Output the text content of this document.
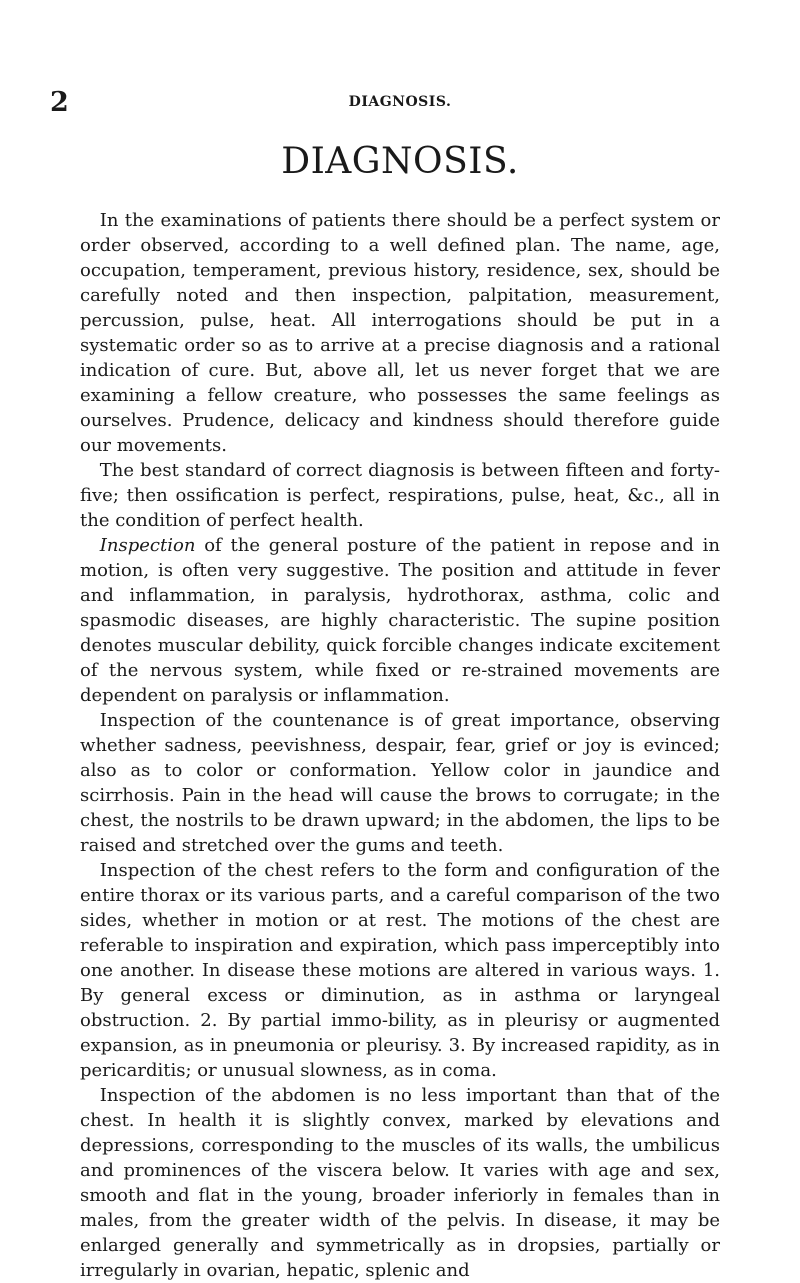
2	DIAGNOSIS.
DIAGNOSIS.

In the examinations of patients there should be a perfect system or order observed, according to a well defined plan. The name, age, occupation, temperament, previous history, residence, sex, should be carefully noted and then inspection, palpitation, measurement, percussion, pulse, heat. All interrogations should be put in a systematic order so as to arrive at a precise diagnosis and a rational indication of cure. But, above all, let us never forget that we are examining a fellow creature, who possesses the same feelings as ourselves. Prudence, delicacy and kindness should therefore guide our movements.

The best standard of correct diagnosis is between fifteen and forty-five; then ossification is perfect, respirations, pulse, heat, &c., all in the condition of perfect health.

Inspection of the general posture of the patient in repose and in motion, is often very suggestive. The position and attitude in fever and inflammation, in paralysis, hydrothorax, asthma, colic and spasmodic diseases, are highly characteristic. The supine position denotes muscular debility, quick forcible changes indicate excitement of the nervous system, while fixed or re-strained movements are dependent on paralysis or inflammation.

Inspection of the countenance is of great importance, observing whether sadness, peevishness, despair, fear, grief or joy is evinced; also as to color or conformation. Yellow color in jaundice and scirrhosis. Pain in the head will cause the brows to corrugate; in the chest, the nostrils to be drawn upward; in the abdomen, the lips to be raised and stretched over the gums and teeth.

Inspection of the chest refers to the form and configuration of the entire thorax or its various parts, and a careful comparison of the two sides, whether in motion or at rest. The motions of the chest are referable to inspiration and expiration, which pass imperceptibly into one another. In disease these motions are altered in various ways. 1. By general excess or diminution, as in asthma or laryngeal obstruction. 2. By partial immo-bility, as in pleurisy or augmented expansion, as in pneumonia or pleurisy. 3. By increased rapidity, as in pericarditis; or unusual slowness, as in coma.

Inspection of the abdomen is no less important than that of the chest. In health it is slightly convex, marked by elevations and depressions, corresponding to the muscles of its walls, the umbilicus and prominences of the viscera below. It varies with age and sex, smooth and flat in the young, broader inferiorly in females than in males, from the greater width of the pelvis. In disease, it may be enlarged generally and symmetrically as in dropsies, partially or irregularly in ovarian, hepatic, splenic and
